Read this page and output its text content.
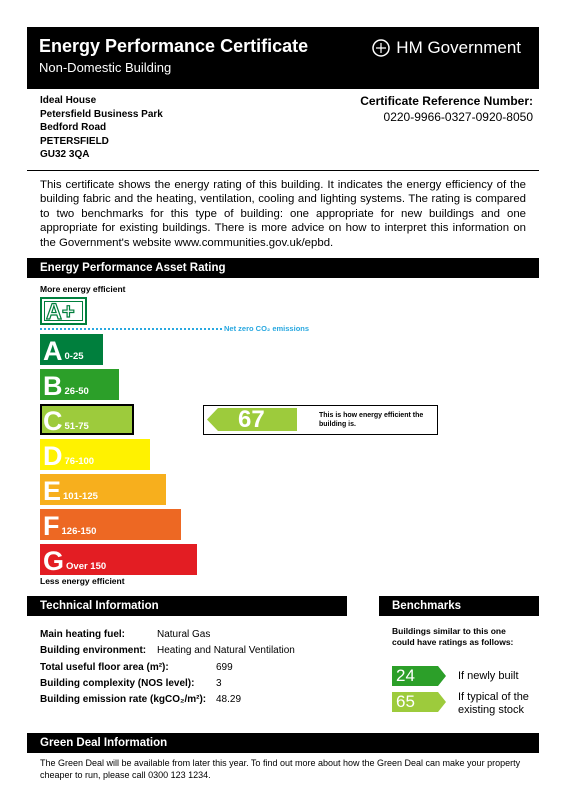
Energy Performance Certificate
Non-Domestic Building
HM Government
Ideal House
Petersfield Business Park
Bedford Road
PETERSFIELD
GU32 3QA
Certificate Reference Number:
0220-9966-0327-0920-8050
This certificate shows the energy rating of this building. It indicates the energy efficiency of the building fabric and the heating, ventilation, cooling and lighting systems. The rating is compared to two benchmarks for this type of building: one appropriate for new buildings and one appropriate for existing buildings. There is more advice on how to interpret this information on the Government's website www.communities.gov.uk/epbd.
Energy Performance Asset Rating
More energy efficient
A+
Net zero CO₂ emissions
A 0-25
B 26-50
C 51-75
D 76-100
E 101-125
F 126-150
G Over 150
Less energy efficient
67	This is how energy efficient the building is.
Technical Information
Main heating fuel:	Natural Gas
Building environment:	Heating and Natural Ventilation
Total useful floor area (m²):	699
Building complexity (NOS level):	3
Building emission rate (kgCO₂/m²): 48.29
Benchmarks
Buildings similar to this one could have ratings as follows:
24	If newly built
65	If typical of the existing stock
Green Deal Information
The Green Deal will be available from later this year. To find out more about how the Green Deal can make your property cheaper to run, please call 0300 123 1234.
